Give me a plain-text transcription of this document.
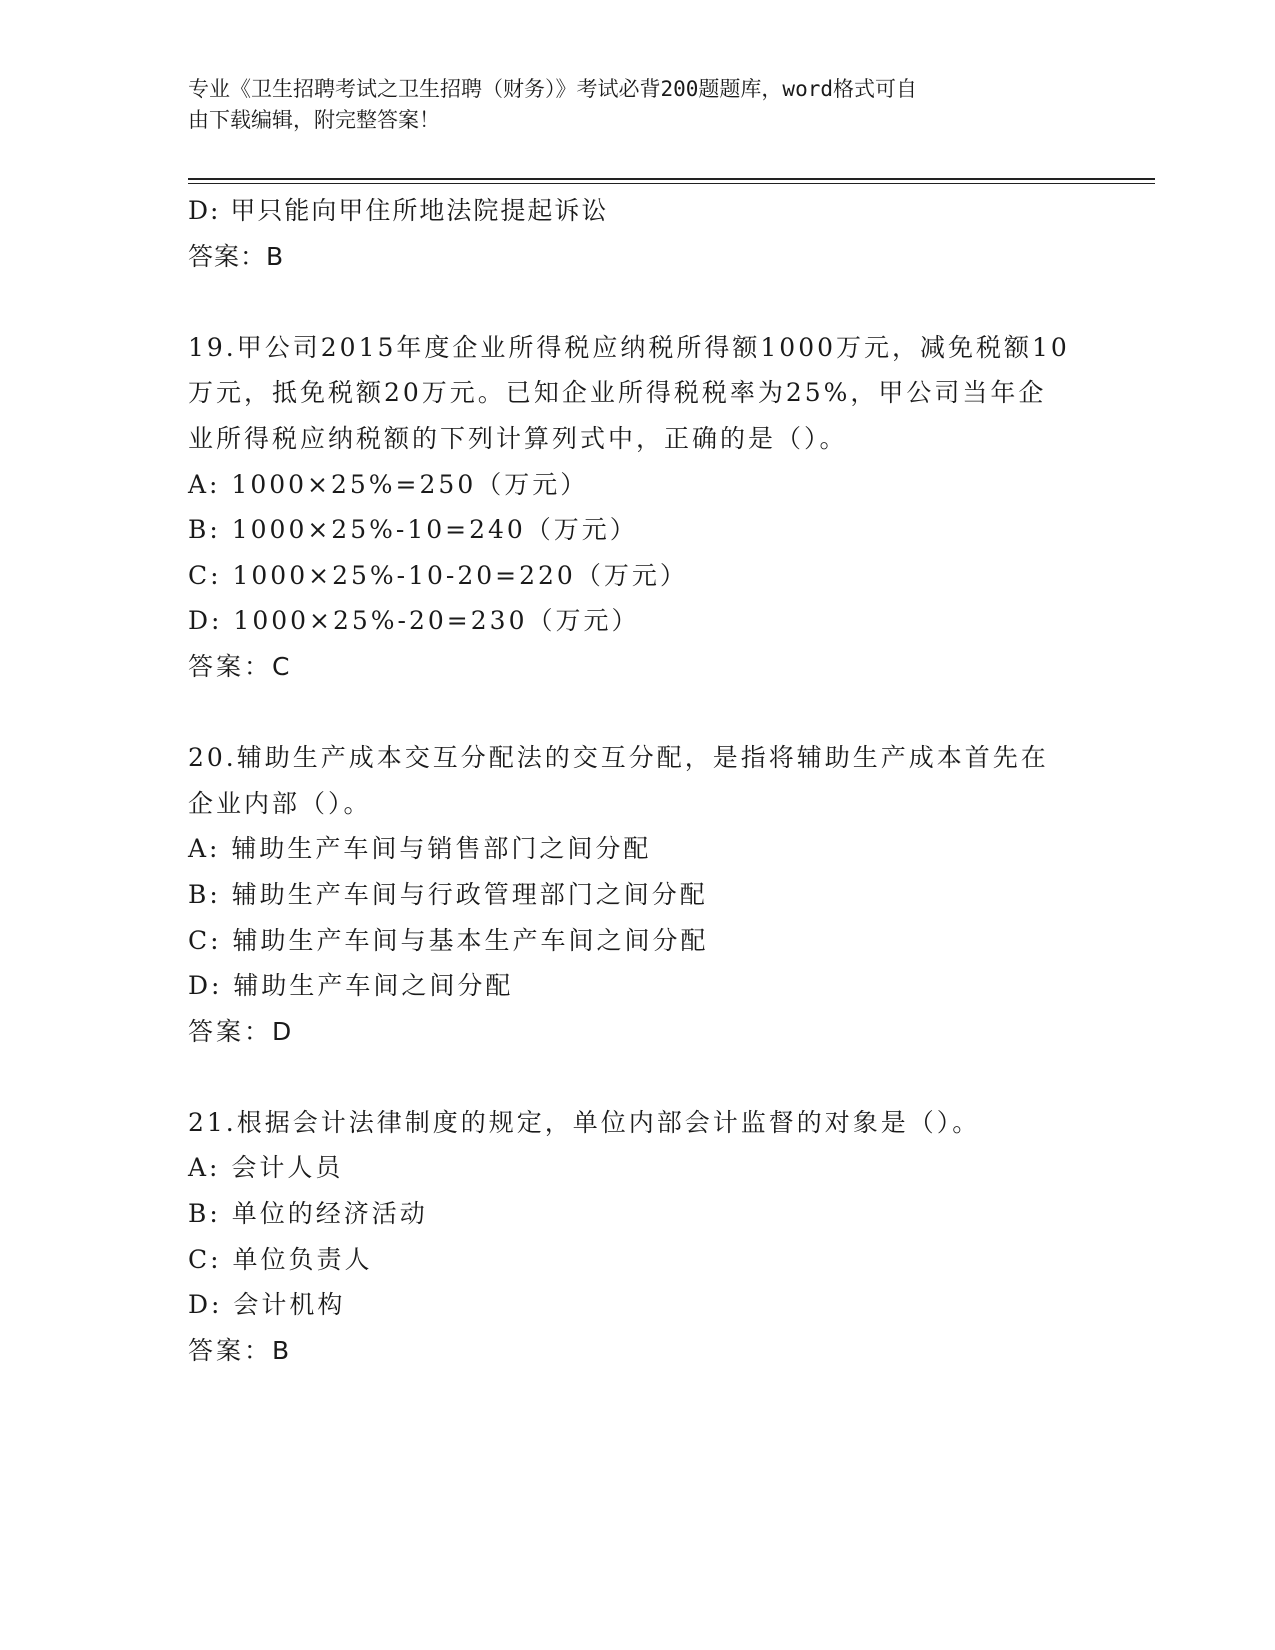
专业《卫生招聘考试之卫生招聘（财务）》考试必背200题题库，word格式可自
由下载编辑，附完整答案！
D: 甲只能向甲住所地法院提起诉讼
答案：B
19.甲公司2015年度企业所得税应纳税所得额1000万元，减免税额10
万元，抵免税额20万元。已知企业所得税税率为25%，甲公司当年企
业所得税应纳税额的下列计算列式中，正确的是（）。
A: 1000×25%=250（万元）
B: 1000×25%-10=240（万元）
C: 1000×25%-10-20=220（万元）
D: 1000×25%-20=230（万元）
答案：C
20.辅助生产成本交互分配法的交互分配，是指将辅助生产成本首先在
企业内部（）。
A: 辅助生产车间与销售部门之间分配
B: 辅助生产车间与行政管理部门之间分配
C: 辅助生产车间与基本生产车间之间分配
D: 辅助生产车间之间分配
答案：D
21.根据会计法律制度的规定，单位内部会计监督的对象是（）。
A: 会计人员
B: 单位的经济活动
C: 单位负责人
D: 会计机构
答案：B
